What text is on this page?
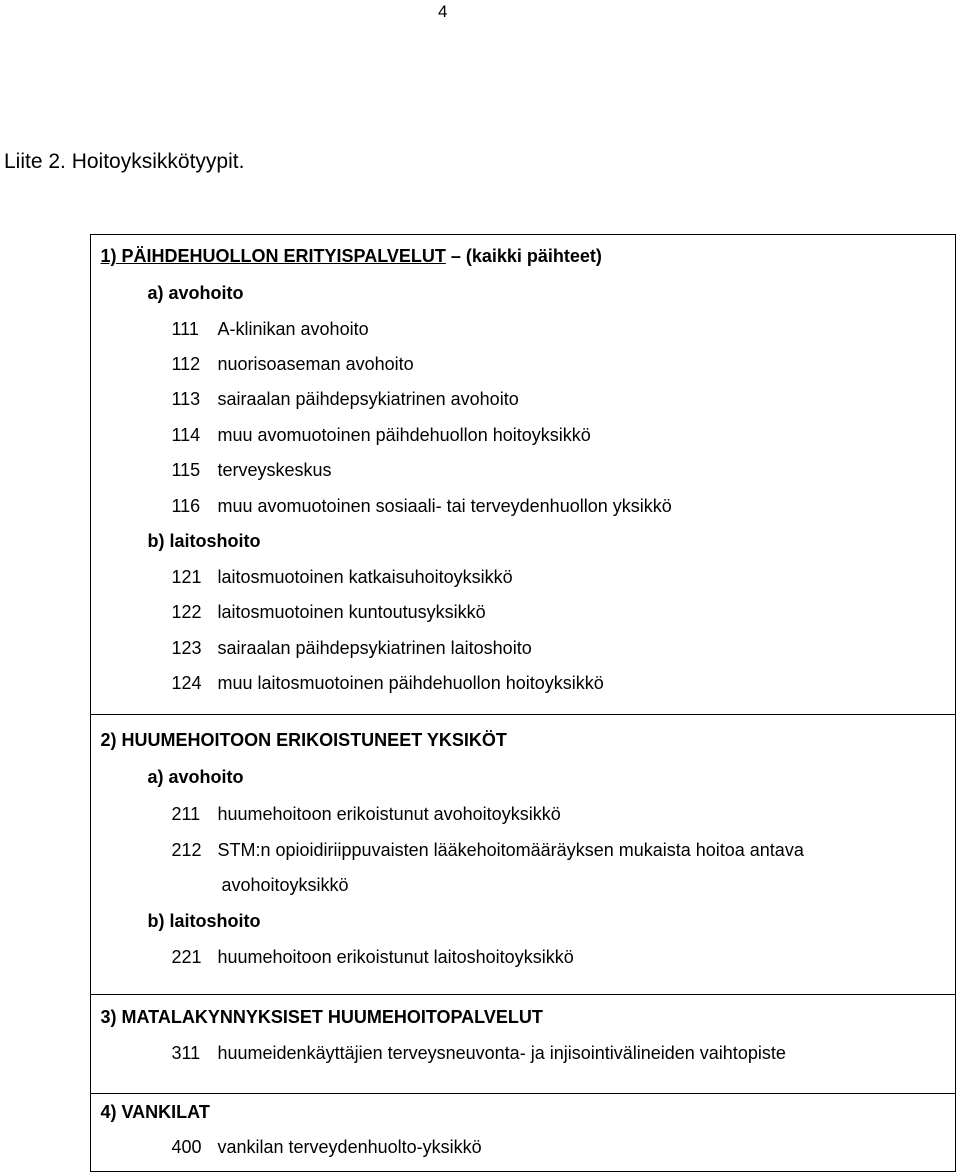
4
Liite 2. Hoitoyksikkötyypit.
1) PÄIHDEHUOLLON ERITYISPALVELUT – (kaikki päihteet)
a) avohoito
111 A-klinikan avohoito
112 nuorisoaseman avohoito
113 sairaalan päihdepsykiatrinen avohoito
114 muu avomuotoinen päihdehuollon hoitoyksikkö
115 terveyskeskus
116 muu avomuotoinen sosiaali- tai terveydenhuollon yksikkö
b) laitoshoito
121 laitosmuotoinen katkaisuhoitoyksikkö
122 laitosmuotoinen kuntoutusyksikkö
123 sairaalan päihdepsykiatrinen laitoshoito
124 muu laitosmuotoinen päihdehuollon hoitoyksikkö
2) HUUMEHOITOON ERIKOISTUNEET YKSIKÖT
a) avohoito
211 huumehoitoon erikoistunut avohoitoyksikkö
212 STM:n opioidiriippuvaisten lääkehoitomääräyksen mukaista hoitoa antava
avohoitoyksikkö
b) laitoshoito
221 huumehoitoon erikoistunut laitoshoitoyksikkö
3) MATALAKYNNYKSISET HUUMEHOITOPALVELUT
311 huumeidenkäyttäjien terveysneuvonta- ja injisointivälineiden vaihtopiste
4) VANKILAT
400 vankilan terveydenhuolto-yksikkö
